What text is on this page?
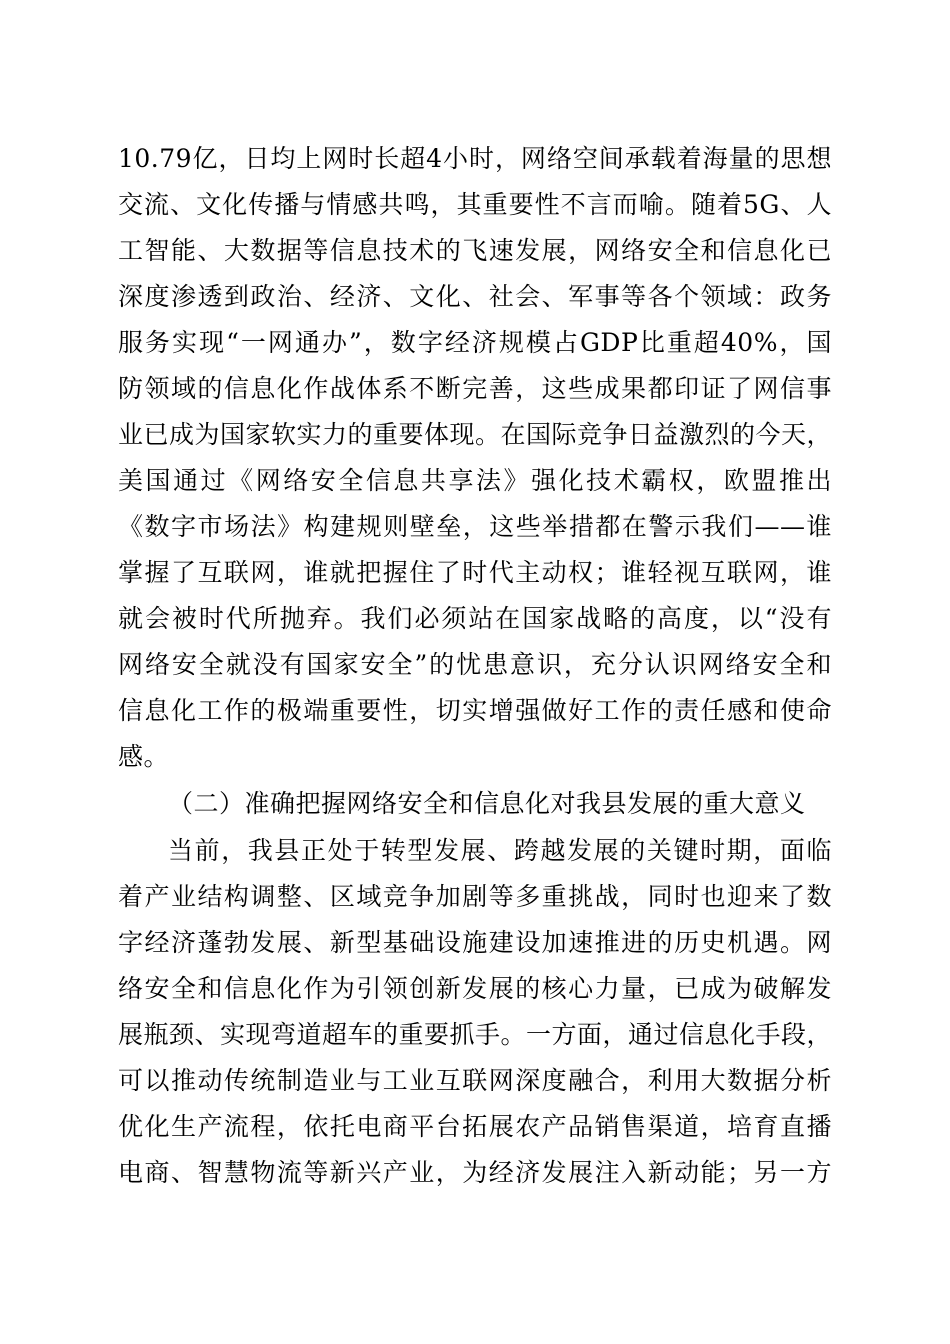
10.79亿，日均上网时长超4小时，网络空间承载着海量的思想
交流、文化传播与情感共鸣，其重要性不言而喻。随着5G、人
工智能、大数据等信息技术的飞速发展，网络安全和信息化已
深度渗透到政治、经济、文化、社会、军事等各个领域：政务
服务实现“一网通办”，数字经济规模占GDP比重超40%，国
防领域的信息化作战体系不断完善，这些成果都印证了网信事
业已成为国家软实力的重要体现。在国际竞争日益激烈的今天，
美国通过《网络安全信息共享法》强化技术霸权，欧盟推出
《数字市场法》构建规则壁垒，这些举措都在警示我们——谁
掌握了互联网，谁就把握住了时代主动权；谁轻视互联网，谁
就会被时代所抛弃。我们必须站在国家战略的高度，以“没有
网络安全就没有国家安全”的忧患意识，充分认识网络安全和
信息化工作的极端重要性，切实增强做好工作的责任感和使命
感。
（二）准确把握网络安全和信息化对我县发展的重大意义
当前，我县正处于转型发展、跨越发展的关键时期，面临
着产业结构调整、区域竞争加剧等多重挑战，同时也迎来了数
字经济蓬勃发展、新型基础设施建设加速推进的历史机遇。网
络安全和信息化作为引领创新发展的核心力量，已成为破解发
展瓶颈、实现弯道超车的重要抓手。一方面，通过信息化手段，
可以推动传统制造业与工业互联网深度融合，利用大数据分析
优化生产流程，依托电商平台拓展农产品销售渠道，培育直播
电商、智慧物流等新兴产业，为经济发展注入新动能；另一方
